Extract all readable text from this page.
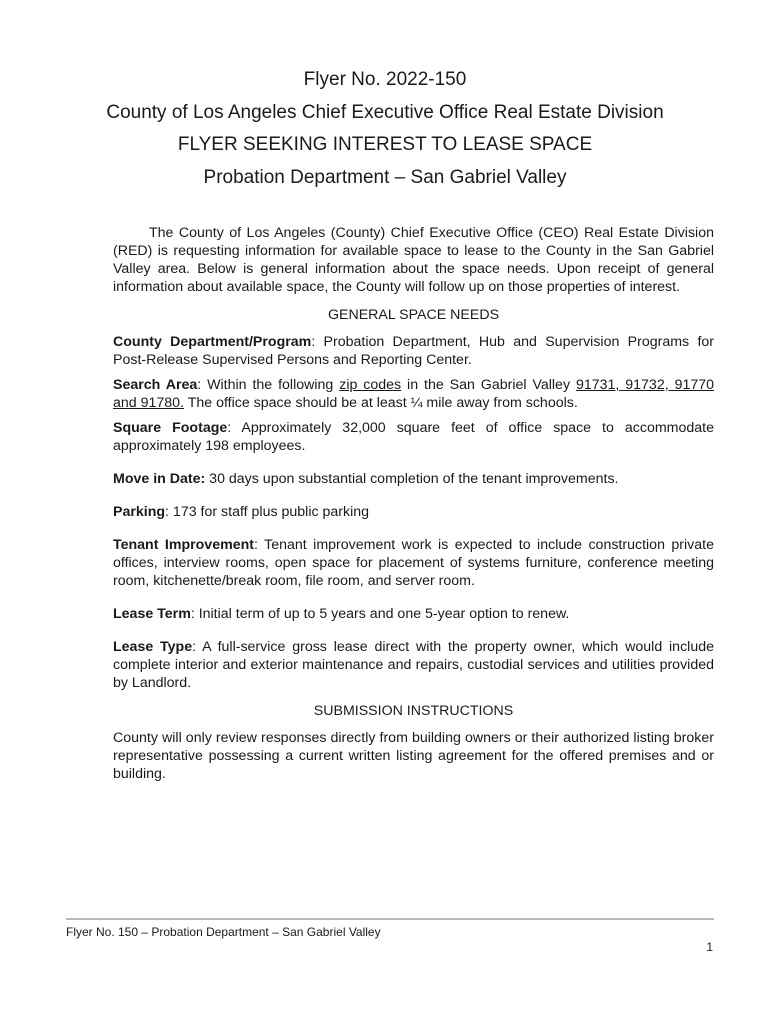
Flyer No. 2022-150
County of Los Angeles Chief Executive Office Real Estate Division
FLYER SEEKING INTEREST TO LEASE SPACE
Probation Department – San Gabriel Valley

The County of Los Angeles (County) Chief Executive Office (CEO) Real Estate Division (RED) is requesting information for available space to lease to the County in the San Gabriel Valley area. Below is general information about the space needs. Upon receipt of general information about available space, the County will follow up on those properties of interest.

GENERAL SPACE NEEDS

County Department/Program: Probation Department, Hub and Supervision Programs for Post-Release Supervised Persons and Reporting Center.

Search Area: Within the following zip codes in the San Gabriel Valley 91731, 91732, 91770 and 91780. The office space should be at least ¼ mile away from schools.

Square Footage: Approximately 32,000 square feet of office space to accommodate approximately 198 employees.

Move in Date: 30 days upon substantial completion of the tenant improvements.

Parking: 173 for staff plus public parking

Tenant Improvement: Tenant improvement work is expected to include construction private offices, interview rooms, open space for placement of systems furniture, conference meeting room, kitchenette/break room, file room, and server room.

Lease Term: Initial term of up to 5 years and one 5-year option to renew.

Lease Type: A full-service gross lease direct with the property owner, which would include complete interior and exterior maintenance and repairs, custodial services and utilities provided by Landlord.

SUBMISSION INSTRUCTIONS

County will only review responses directly from building owners or their authorized listing broker representative possessing a current written listing agreement for the offered premises and or building.

Flyer No. 150 – Probation Department – San Gabriel Valley
1
